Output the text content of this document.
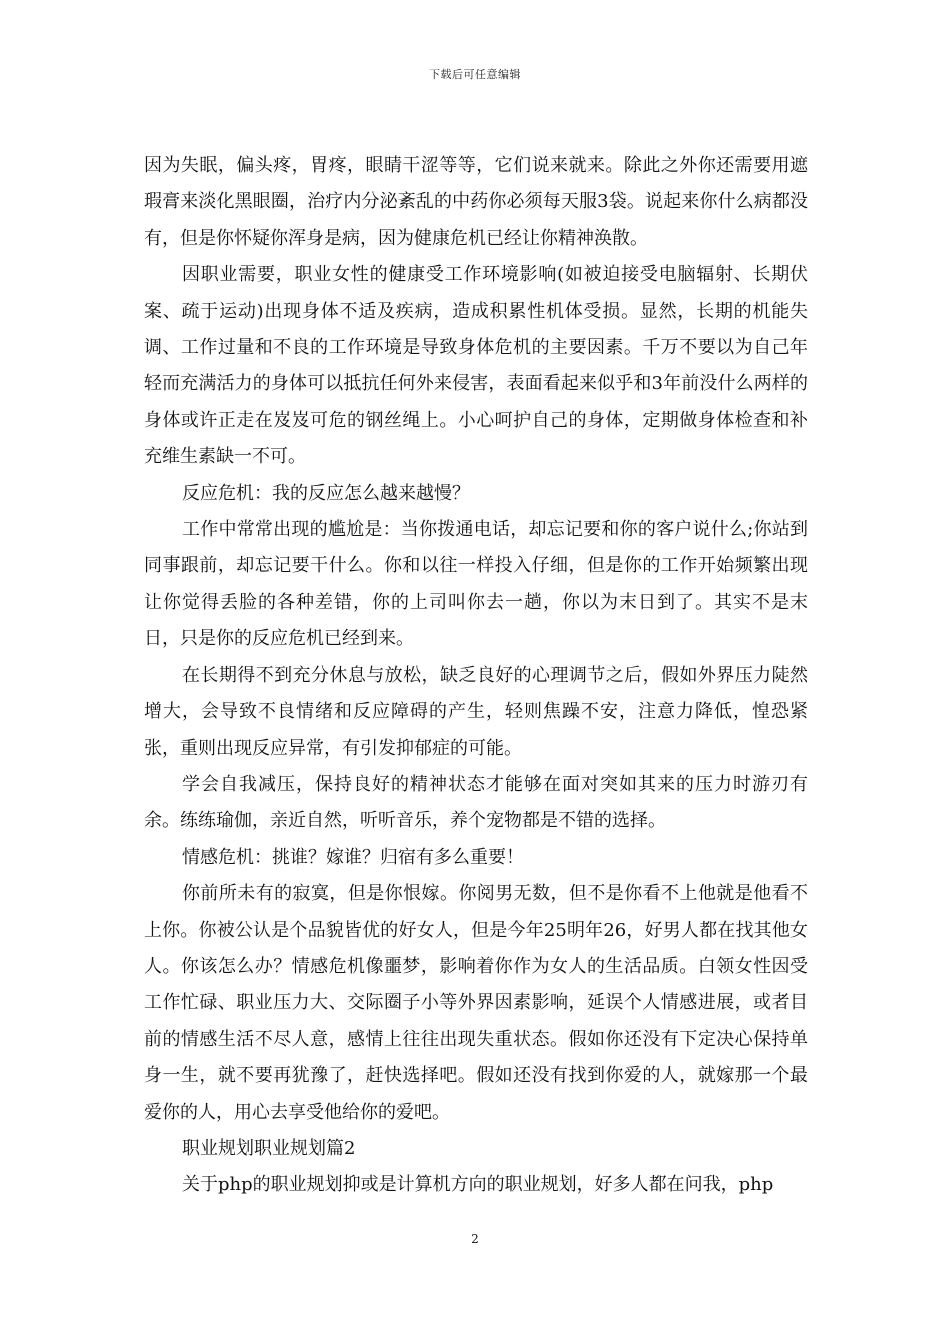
下载后可任意编辑

因为失眠，偏头疼，胃疼，眼睛干涩等等，它们说来就来。除此之外你还需要用遮瑕膏来淡化黑眼圈，治疗内分泌紊乱的中药你必须每天服3袋。说起来你什么病都没有，但是你怀疑你浑身是病，因为健康危机已经让你精神涣散。

因职业需要，职业女性的健康受工作环境影响(如被迫接受电脑辐射、长期伏案、疏于运动)出现身体不适及疾病，造成积累性机体受损。显然，长期的机能失调、工作过量和不良的工作环境是导致身体危机的主要因素。千万不要以为自己年轻而充满活力的身体可以抵抗任何外来侵害，表面看起来似乎和3年前没什么两样的身体或许正走在岌岌可危的钢丝绳上。小心呵护自己的身体，定期做身体检查和补充维生素缺一不可。

反应危机：我的反应怎么越来越慢？

工作中常常出现的尴尬是：当你拨通电话，却忘记要和你的客户说什么;你站到同事跟前，却忘记要干什么。你和以往一样投入仔细，但是你的工作开始频繁出现让你觉得丢脸的各种差错，你的上司叫你去一趟，你以为末日到了。其实不是末日，只是你的反应危机已经到来。

在长期得不到充分休息与放松，缺乏良好的心理调节之后，假如外界压力陡然增大，会导致不良情绪和反应障碍的产生，轻则焦躁不安，注意力降低，惶恐紧张，重则出现反应异常，有引发抑郁症的可能。

学会自我减压，保持良好的精神状态才能够在面对突如其来的压力时游刃有余。练练瑜伽，亲近自然，听听音乐，养个宠物都是不错的选择。

情感危机：挑谁？嫁谁？归宿有多么重要！

你前所未有的寂寞，但是你恨嫁。你阅男无数，但不是你看不上他就是他看不上你。你被公认是个品貌皆优的好女人，但是今年25明年26，好男人都在找其他女人。你该怎么办？情感危机像噩梦，影响着你作为女人的生活品质。白领女性因受工作忙碌、职业压力大、交际圈子小等外界因素影响，延误个人情感进展，或者目前的情感生活不尽人意，感情上往往出现失重状态。假如你还没有下定决心保持单身一生，就不要再犹豫了，赶快选择吧。假如还没有找到你爱的人，就嫁那一个最爱你的人，用心去享受他给你的爱吧。

职业规划职业规划篇2

关于php的职业规划抑或是计算机方向的职业规划，好多人都在问我，php

2
